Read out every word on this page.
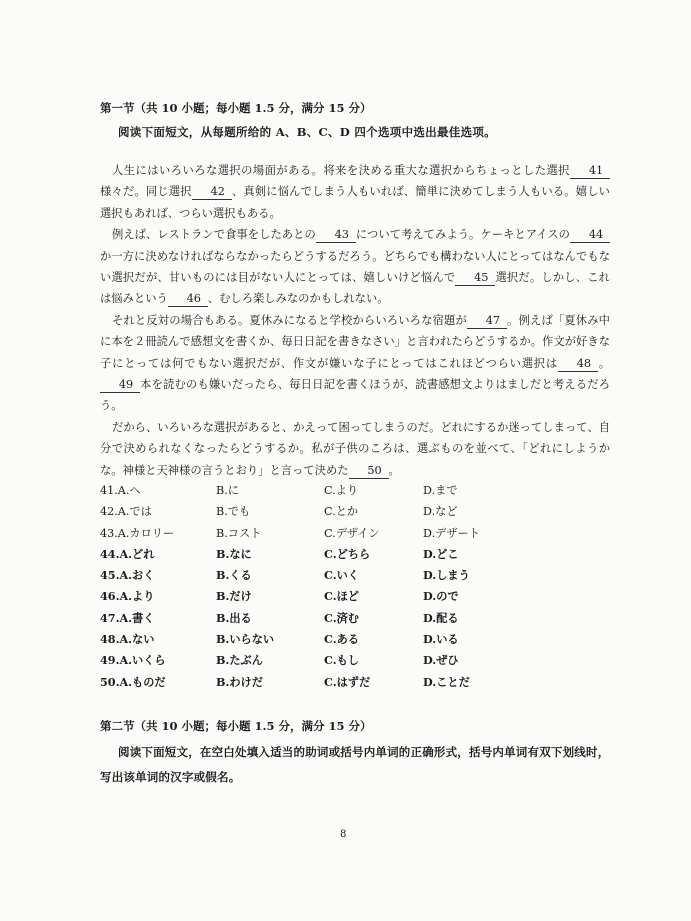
第一节（共 10 小题；每小题 1.5 分，满分 15 分）
阅读下面短文，从每题所给的 A、B、C、D 四个选项中选出最佳选项。

人生にはいろいろな選択の場面がある。将来を決める重大な選択からちょっとした選択 41様々だ。同じ選択 42 、真剣に悩んでしまう人もいれば、簡単に決めてしまう人もいる。嬉しい選択もあれば、つらい選択もある。

例えば、レストランで食事をしたあとの 43 について考えてみよう。ケーキとアイスの 44か一方に決めなければならなかったらどうするだろう。どちらでも構わない人にとってはなんでもない選択だが、甘いものには目がない人にとっては、嬉しいけど悩んで 45 選択だ。しかし、これは悩みという 46 、むしろ楽しみなのかもしれない。

それと反対の場合もある。夏休みになると学校からいろいろな宿題が 47 。例えば「夏休み中に本を２冊読んで感想文を書くか、毎日日記を書きなさい」と言われたらどうするか。作文が好きな子にとっては何でもない選択だが、作文が嫌いな子にとってはこれほどつらい選択は 48 。49 本を読むのも嫌いだったら、毎日日記を書くほうが、読書感想文よりはましだと考えるだろう。

だから、いろいろな選択があると、かえって困ってしまうのだ。どれにするか迷ってしまって、自分で決められなくなったらどうするか。私が子供のころは、選ぶものを並べて、「どれにしようかな。神様と天神様の言うとおり」と言って決めた 50 。

41.A.へ	B.に	C.より	D.まで
42.A.では	B.でも	C.とか	D.など
43.A.カロリー	B.コスト	C.デザイン	D.デザート
44.A.どれ	B.なに	C.どちら	D.どこ
45.A.おく	B.くる	C.いく	D.しまう
46.A.より	B.だけ	C.ほど	D.ので
47.A.書く	B.出る	C.済む	D.配る
48.A.ない	B.いらない	C.ある	D.いる
49.A.いくら	B.たぶん	C.もし	D.ぜひ
50.A.ものだ	B.わけだ	C.はずだ	D.ことだ
第二节（共 10 小题；每小题 1.5 分，满分 15 分）
阅读下面短文，在空白处填入适当的助词或括号内单词的正确形式，括号内单词有双下划线时，写出该单词的汉字或假名。
8
